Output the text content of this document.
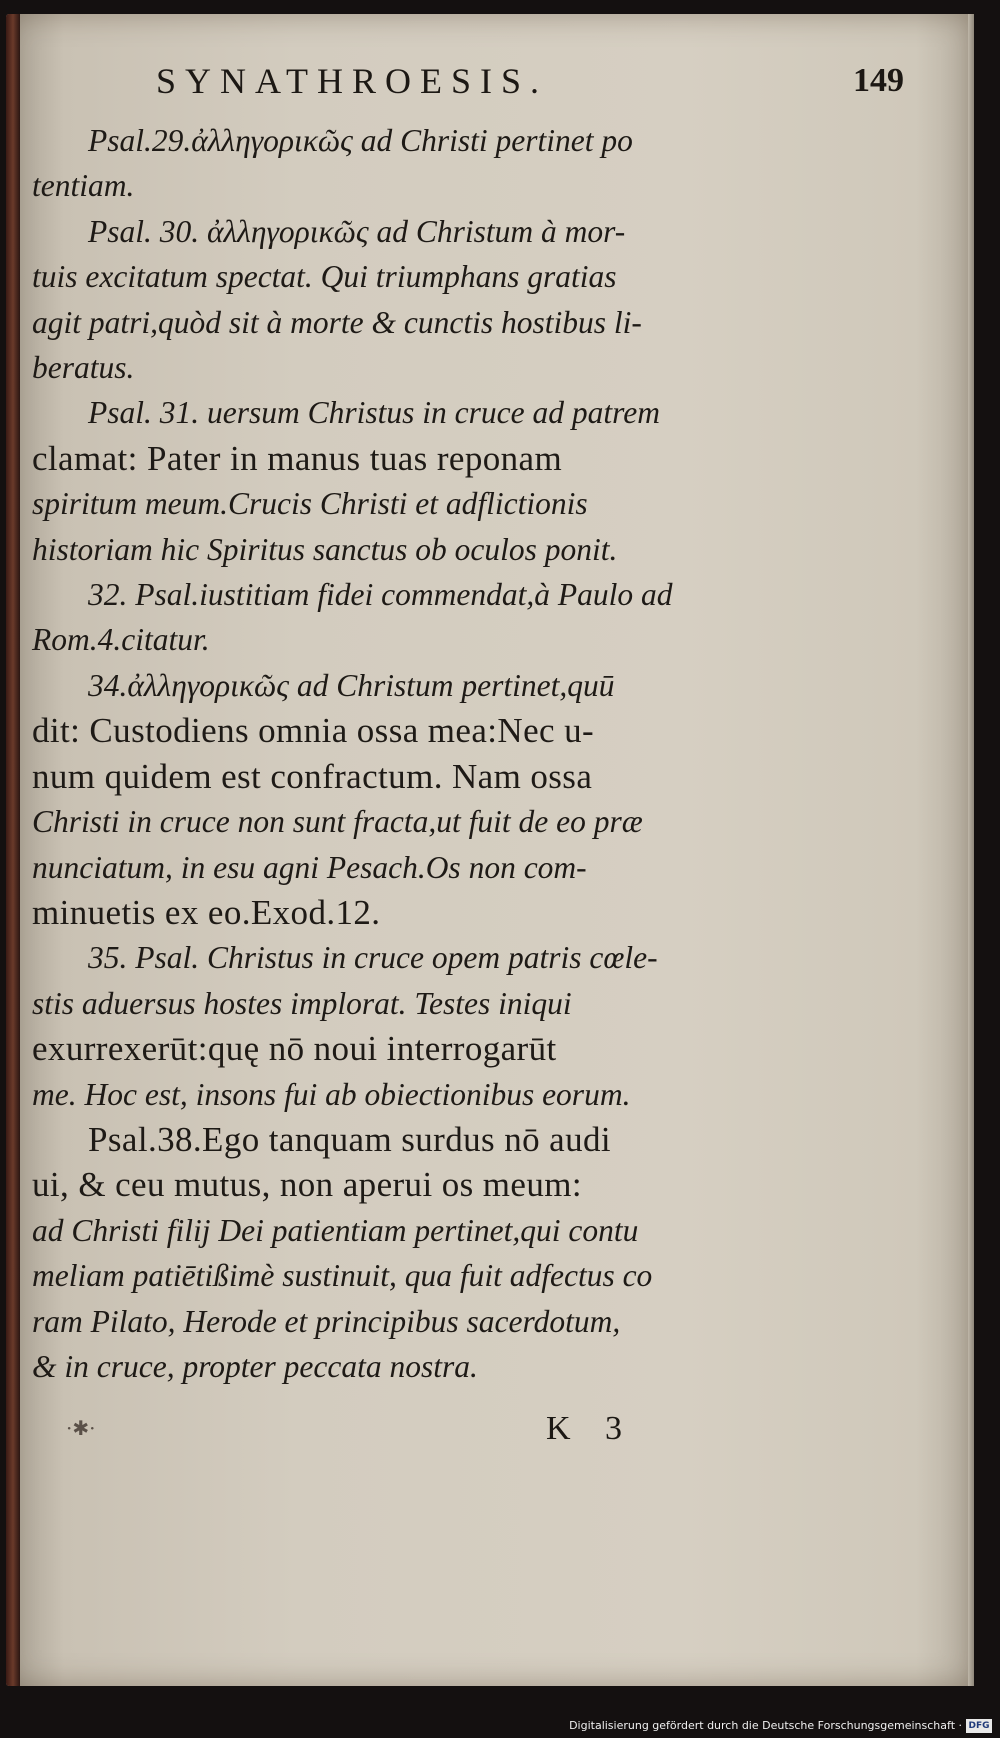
SYNATHROESIS.	149

Psal.29.ἀλληγορικῶς ad Christi pertinet po
tentiam.

Psal. 30. ἀλληγορικῶς ad Christum à mor-
tuis excitatum spectat. Qui triumphans gratias
agit patri,quòd sit à morte & cunctis hostibus li-
beratus.

Psal. 31. uersum Christus in cruce ad patrem
clamat: Pater in manus tuas reponam
spiritum meum.Crucis Christi et adflictionis
historiam hic Spiritus sanctus ob oculos ponit.

32. Psal.iustitiam fidei commendat,à Paulo ad
Rom.4.citatur.

34.ἀλληγορικῶς ad Christum pertinet,quū
dit: Custodiens omnia ossa mea:Nec u-
num quidem est confractum. Nam ossa
Christi in cruce non sunt fracta,ut fuit de eo præ
nunciatum, in esu agni Pesach.Os non com-
minuetis ex eo.Exod.12.

35. Psal. Christus in cruce opem patris cœle-
stis aduersus hostes implorat. Testes iniqui
exurrexerūt:quę nō noui interrogarūt
me. Hoc est, insons fui ab obiectionibus eorum.

Psal.38.Ego tanquam surdus nō audi
ui, & ceu mutus, non aperui os meum:
ad Christi filij Dei patientiam pertinet,qui contu
meliam patiētißimè sustinuit, qua fuit adfectus co
ram Pilato, Herode et principibus sacerdotum,
& in cruce, propter peccata nostra.

·✱·	K 3
Digitalisierung gefördert durch die Deutsche Forschungsgemeinschaft · DFG
